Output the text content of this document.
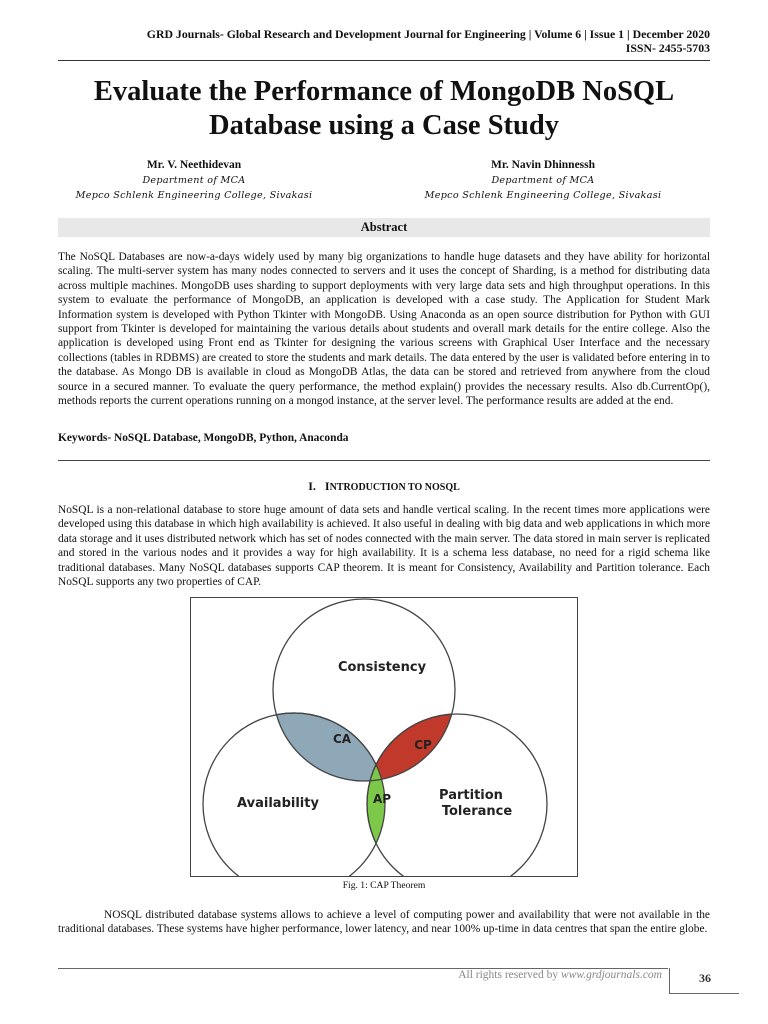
GRD Journals- Global Research and Development Journal for Engineering | Volume 6 | Issue 1 | December 2020
ISSN- 2455-5703
Evaluate the Performance of MongoDB NoSQL
Database using a Case Study
Mr. V. Neethidevan
Department of MCA
Mepco Schlenk Engineering College, Sivakasi
Mr. Navin Dhinnessh
Department of MCA
Mepco Schlenk Engineering College, Sivakasi
Abstract

The NoSQL Databases are now-a-days widely used by many big organizations to handle huge datasets and they have ability for horizontal scaling. The multi-server system has many nodes connected to servers and it uses the concept of Sharding, is a method for distributing data across multiple machines. MongoDB uses sharding to support deployments with very large data sets and high throughput operations. In this system to evaluate the performance of MongoDB, an application is developed with a case study. The Application for Student Mark Information system is developed with Python Tkinter with MongoDB. Using Anaconda as an open source distribution for Python with GUI support from Tkinter is developed for maintaining the various details about students and overall mark details for the entire college. Also the application is developed using Front end as Tkinter for designing the various screens with Graphical User Interface and the necessary collections (tables in RDBMS) are created to store the students and mark details. The data entered by the user is validated before entering in to the database. As Mongo DB is available in cloud as MongoDB Atlas, the data can be stored and retrieved from anywhere from the cloud source in a secured manner. To evaluate the query performance, the method explain() provides the necessary results. Also db.CurrentOp(), methods reports the current operations running on a mongod instance, at the server level. The performance results are added at the end.

Keywords- NoSQL Database, MongoDB, Python, Anaconda
I. INTRODUCTION TO NOSQL

NoSQL is a non-relational database to store huge amount of data sets and handle vertical scaling. In the recent times more applications were developed using this database in which high availability is achieved. It also useful in dealing with big data and web applications in which more data storage and it uses distributed network which has set of nodes connected with the main server. The data stored in main server is replicated and stored in the various nodes and it provides a way for high availability. It is a schema less database, no need for a rigid schema like traditional databases. Many NoSQL databases supports CAP theorem. It is meant for Consistency, Availability and Partition tolerance. Each NoSQL supports any two properties of CAP.

Consistency
Availability
Partition
Tolerance
CA	CP
AP
Fig. 1: CAP Theorem

NOSQL distributed database systems allows to achieve a level of computing power and availability that were not available in the traditional databases. These systems have higher performance, lower latency, and near 100% up-time in data centres that span the entire globe.

All rights reserved by www.grdjournals.com	36
